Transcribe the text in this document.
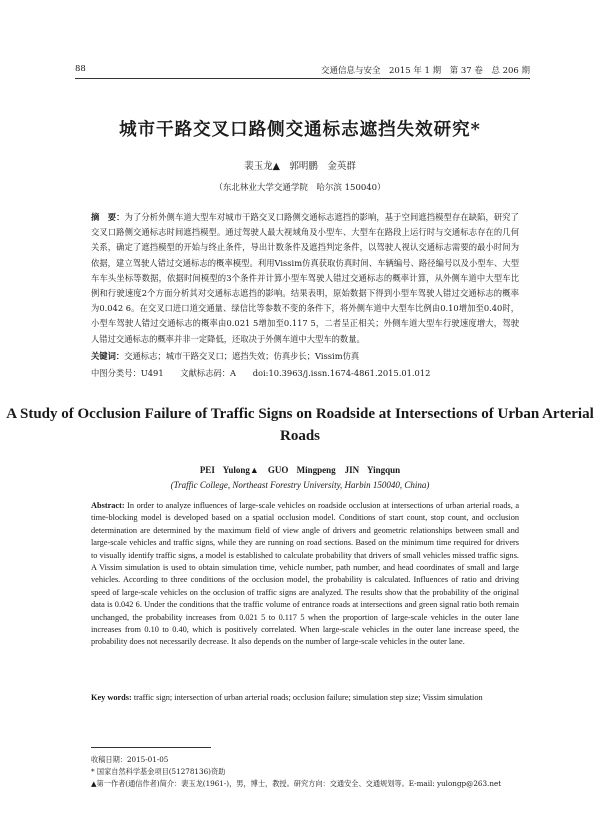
88	交通信息与安全　2015 年 1 期　第 37 卷　总 206 期
城市干路交叉口路侧交通标志遮挡失效研究*
裴玉龙▲　郭明鹏　金英群
（东北林业大学交通学院　哈尔滨 150040）
摘　要：为了分析外侧车道大型车对城市干路交叉口路侧交通标志遮挡的影响，基于空间遮挡模型存在缺陷，研究了交叉口路侧交通标志时间遮挡模型。通过驾驶人最大视域角及小型车、大型车在路段上运行时与交通标志存在的几何关系，确定了遮挡模型的开始与终止条件，导出计数条件及遮挡判定条件，以驾驶人视认交通标志需要的最小时间为依据，建立驾驶人错过交通标志的概率模型。利用Vissim仿真获取仿真时间、车辆编号、路径编号以及小型车、大型车车头坐标等数据，依据时间模型的3个条件并计算小型车驾驶人错过交通标志的概率计算，从外侧车道中大型车比例和行驶速度2个方面分析其对交通标志遮挡的影响。结果表明，原始数据下得到小型车驾驶人错过交通标志的概率为0.042 6。在交叉口进口道交通量、绿信比等参数不变的条件下，将外侧车道中大型车比例由0.10增加至0.40时，小型车驾驶人错过交通标志的概率由0.021 5增加至0.117 5，二者呈正相关；外侧车道大型车行驶速度增大，驾驶人错过交通标志的概率并非一定降低，还取决于外侧车道中大型车的数量。
关键词：交通标志；城市干路交叉口；遮挡失效；仿真步长；Vissim仿真
中图分类号：U491 文献标志码：A doi:10.3963/j.issn.1674-4861.2015.01.012
A Study of Occlusion Failure of Traffic Signs on Roadside at Intersections of Urban Arterial Roads
PEI Yulong▲　GUO Mingpeng　JIN Yingqun
(Traffic College, Northeast Forestry University, Harbin 150040, China)
Abstract: In order to analyze influences of large-scale vehicles on roadside occlusion at intersections of urban arterial roads, a time-blocking model is developed based on a spatial occlusion model. Conditions of start count, stop count, and occlusion determination are determined by the maximum field of view angle of drivers and geometric relationships between small and large-scale vehicles and traffic signs, while they are running on road sections. Based on the minimum time required for drivers to visually identify traffic signs, a model is established to calculate probability that drivers of small vehicles missed traffic signs. A Vissim simulation is used to obtain simulation time, vehicle number, path number, and head coordinates of small and large vehicles. According to three conditions of the occlusion model, the probability is calculated. Influences of ratio and driving speed of large-scale vehicles on the occlusion of traffic signs are analyzed. The results show that the probability of the original data is 0.042 6. Under the conditions that the traffic volume of entrance roads at intersections and green signal ratio both remain unchanged, the probability increases from 0.021 5 to 0.117 5 when the proportion of large-scale vehicles in the outer lane increases from 0.10 to 0.40, which is positively correlated. When large-scale vehicles in the outer lane increase speed, the probability does not necessarily decrease. It also depends on the number of large-scale vehicles in the outer lane.
Key words: traffic sign; intersection of urban arterial roads; occlusion failure; simulation step size; Vissim simulation
收稿日期：2015-01-05
* 国家自然科学基金项目(51278136)资助
▲第一作者(通信作者)简介：裴玉龙(1961-)，男，博士，教授。研究方向：交通安全、交通规划等。E-mail: yulongp@263.net
